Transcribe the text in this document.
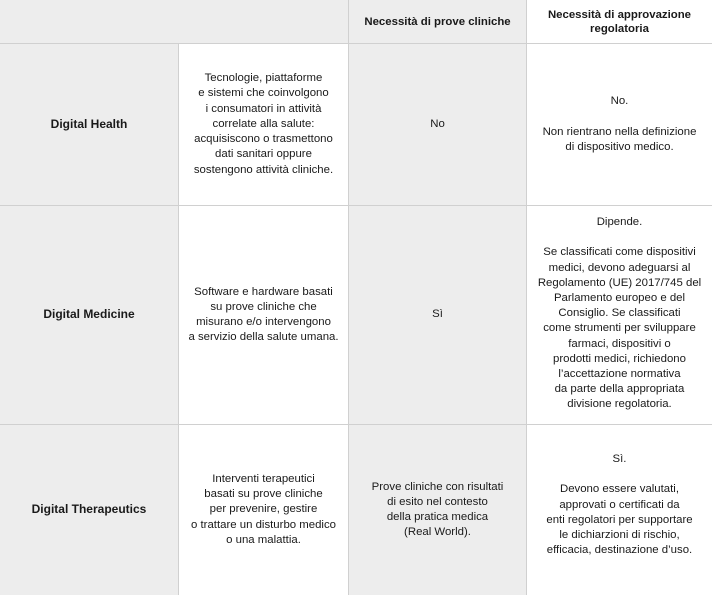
Necessità di prove cliniche
Necessità di approvazione
regolatoria
Digital Health
Tecnologie, piattaforme
e sistemi che coinvolgono
i consumatori in attività
correlate alla salute:
acquisiscono o trasmettono
dati sanitari oppure
sostengono attività cliniche.
No
No.

Non rientrano nella definizione
di dispositivo medico.
Digital Medicine
Software e hardware basati
su prove cliniche che
misurano e/o intervengono
a servizio della salute umana.
Sì
Dipende.

Se classificati come dispositivi
medici, devono adeguarsi al
Regolamento (UE) 2017/745 del
Parlamento europeo e del
Consiglio. Se classificati
come strumenti per sviluppare
farmaci, dispositivi o
prodotti medici, richiedono
l’accettazione normativa
da parte della appropriata
divisione regolatoria.
Digital Therapeutics
Interventi terapeutici
basati su prove cliniche
per prevenire, gestire
o trattare un disturbo medico
o una malattia.
Prove cliniche con risultati
di esito nel contesto
della pratica medica
(Real World).
Sì.

Devono essere valutati,
approvati o certificati da
enti regolatori per supportare
le dichiarzioni di rischio,
efficacia, destinazione d’uso.
